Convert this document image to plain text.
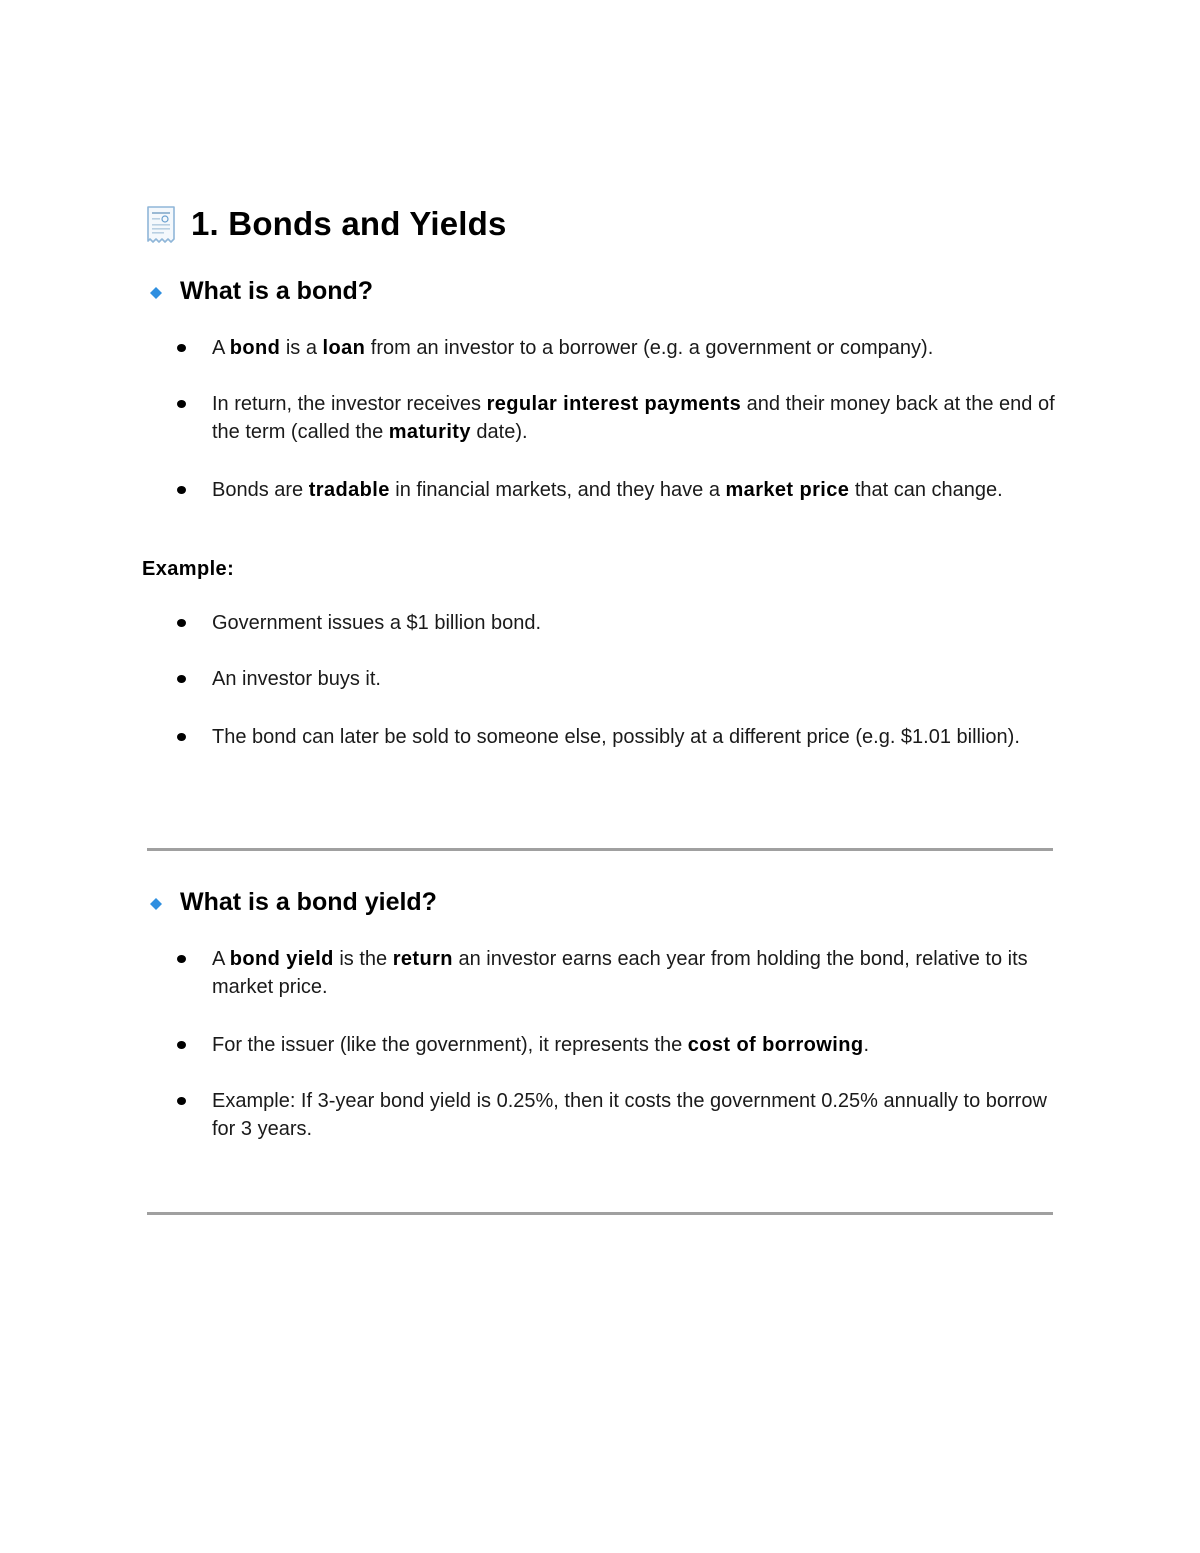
1. Bonds and Yields
What is a bond?
A bond is a loan from an investor to a borrower (e.g. a government or company).
In return, the investor receives regular interest payments and their money back at the end of the term (called the maturity date).
Bonds are tradable in financial markets, and they have a market price that can change.
Example:
Government issues a $1 billion bond.
An investor buys it.
The bond can later be sold to someone else, possibly at a different price (e.g. $1.01 billion).
What is a bond yield?
A bond yield is the return an investor earns each year from holding the bond, relative to its market price.
For the issuer (like the government), it represents the cost of borrowing.
Example: If 3-year bond yield is 0.25%, then it costs the government 0.25% annually to borrow for 3 years.
